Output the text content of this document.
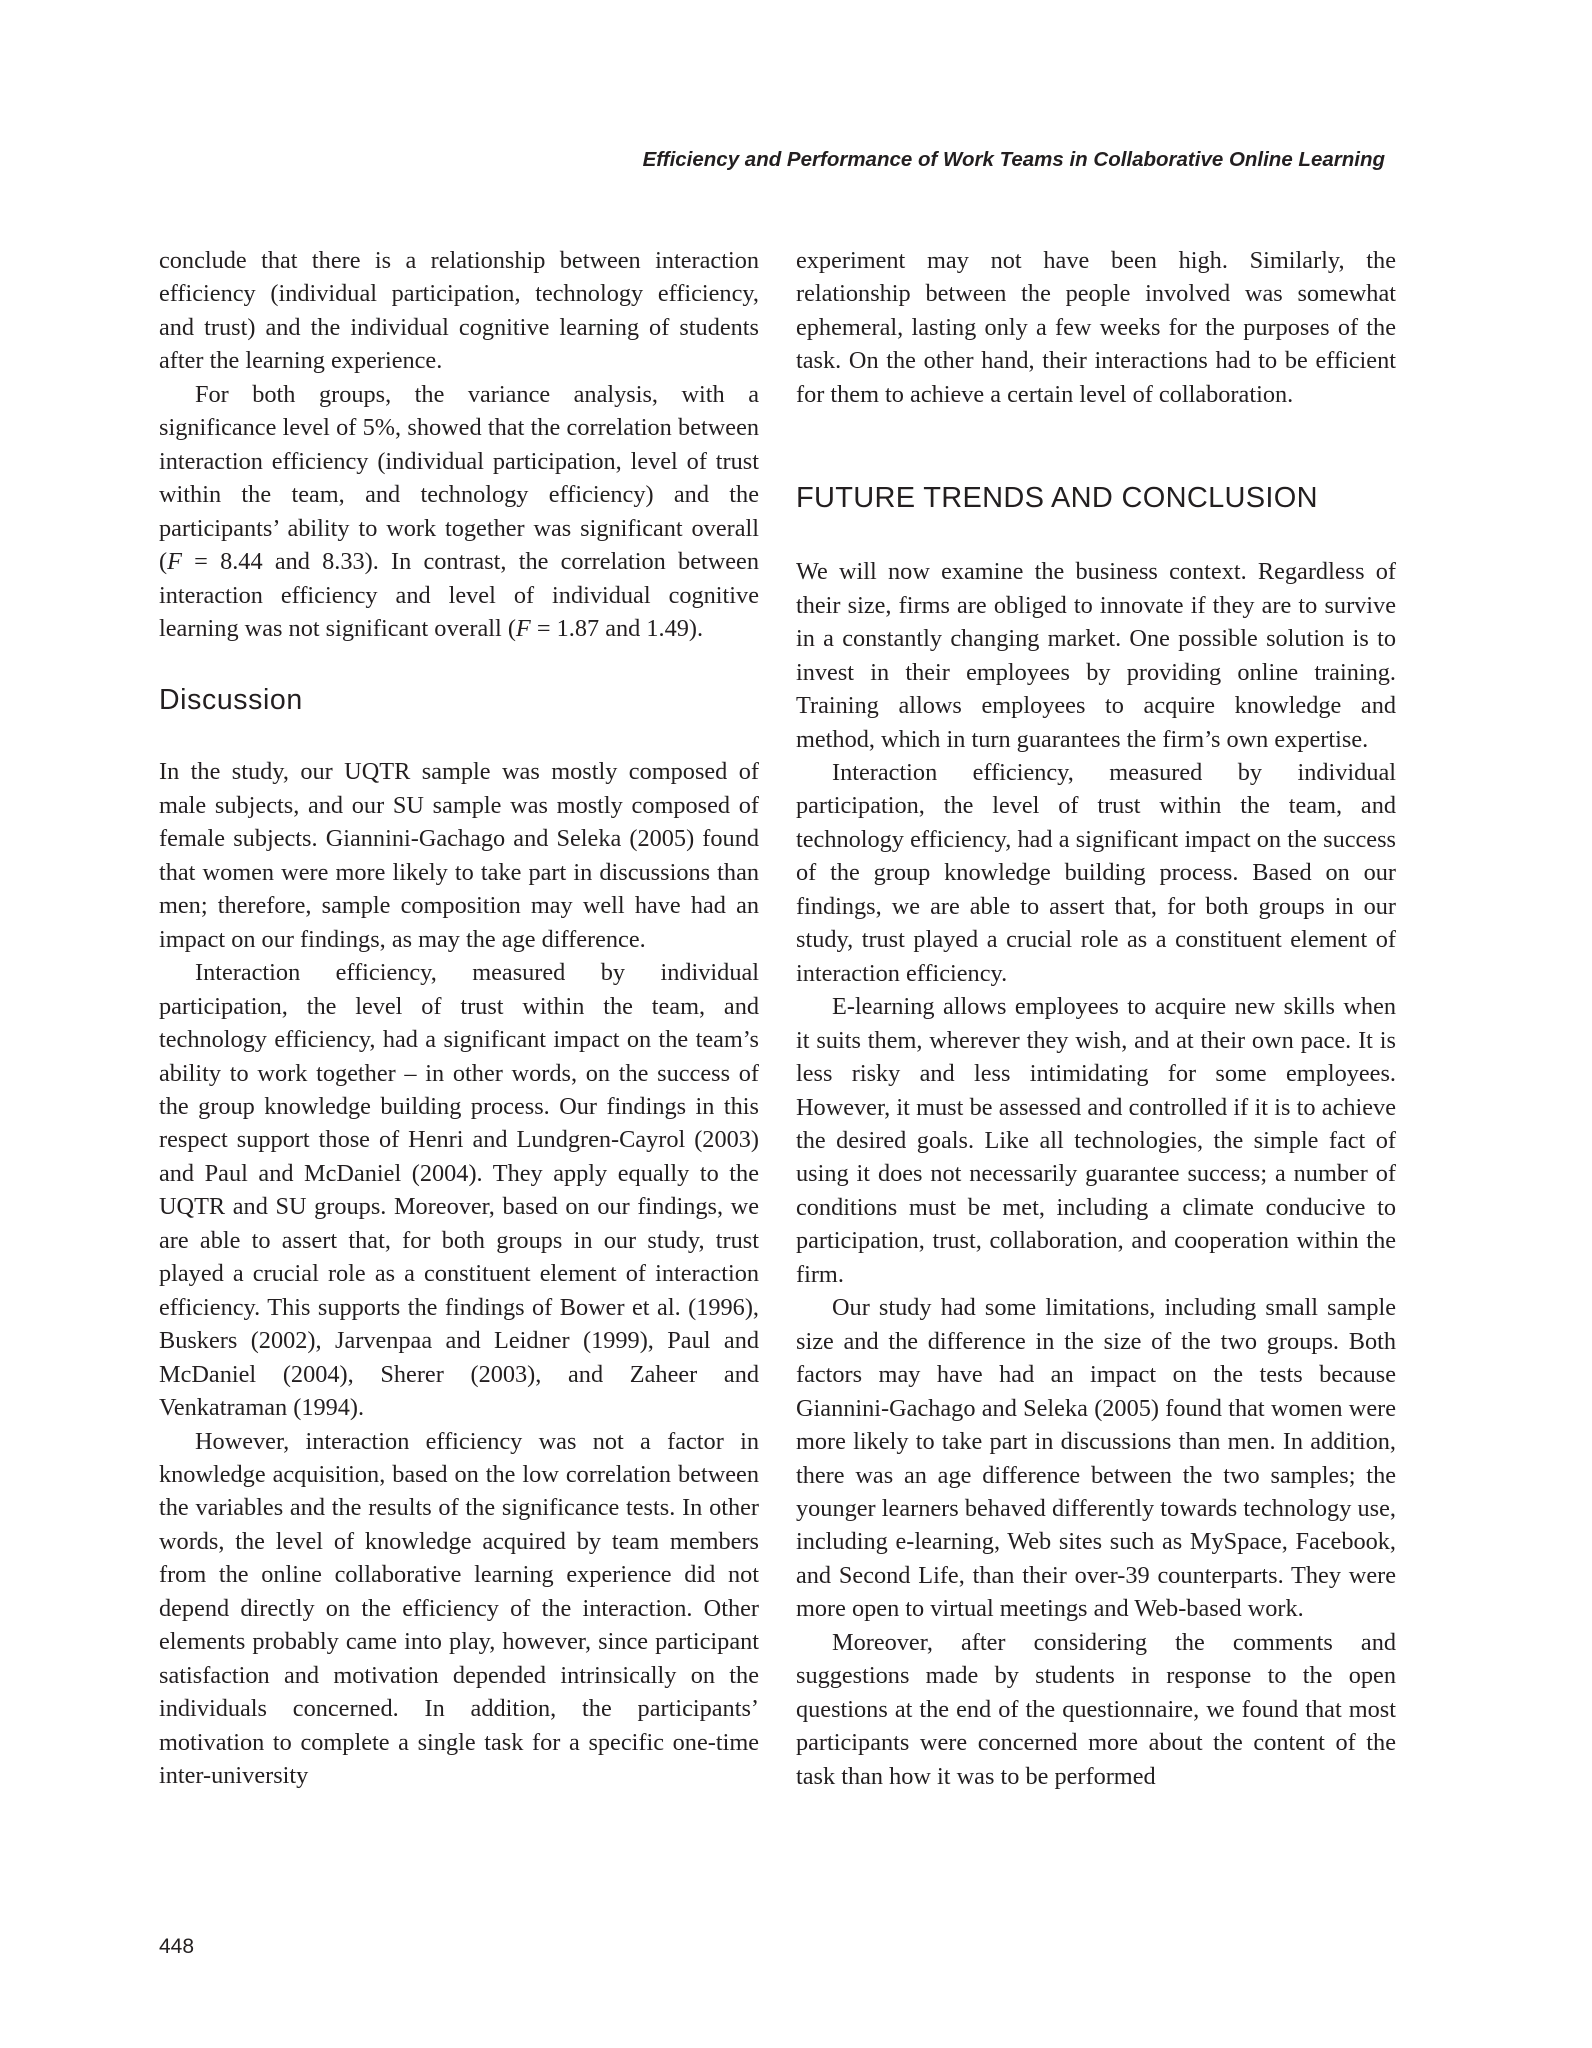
Efficiency and Performance of Work Teams in Collaborative Online Learning

conclude that there is a relationship between interaction efficiency (individual participation, technology efficiency, and trust) and the individual cognitive learning of students after the learning experience.

For both groups, the variance analysis, with a significance level of 5%, showed that the correlation between interaction efficiency (individual participation, level of trust within the team, and technology efficiency) and the participants’ ability to work together was significant overall (F = 8.44 and 8.33). In contrast, the correlation between interaction efficiency and level of individual cognitive learning was not significant overall (F = 1.87 and 1.49).

Discussion

In the study, our UQTR sample was mostly composed of male subjects, and our SU sample was mostly composed of female subjects. Giannini-Gachago and Seleka (2005) found that women were more likely to take part in discussions than men; therefore, sample composition may well have had an impact on our findings, as may the age difference.

Interaction efficiency, measured by individual participation, the level of trust within the team, and technology efficiency, had a significant impact on the team’s ability to work together – in other words, on the success of the group knowledge building process. Our findings in this respect support those of Henri and Lundgren-Cayrol (2003) and Paul and McDaniel (2004). They apply equally to the UQTR and SU groups. Moreover, based on our findings, we are able to assert that, for both groups in our study, trust played a crucial role as a constituent element of interaction efficiency. This supports the findings of Bower et al. (1996), Buskers (2002), Jarvenpaa and Leidner (1999), Paul and McDaniel (2004), Sherer (2003), and Zaheer and Venkatraman (1994).

However, interaction efficiency was not a factor in knowledge acquisition, based on the low correlation between the variables and the results of the significance tests. In other words, the level of knowledge acquired by team members from the online collaborative learning experience did not depend directly on the efficiency of the interaction. Other elements probably came into play, however, since participant satisfaction and motivation depended intrinsically on the individuals concerned. In addition, the participants’ motivation to complete a single task for a specific one-time inter-university

experiment may not have been high. Similarly, the relationship between the people involved was somewhat ephemeral, lasting only a few weeks for the purposes of the task. On the other hand, their interactions had to be efficient for them to achieve a certain level of collaboration.

FUTURE TRENDS AND CONCLUSION

We will now examine the business context. Regardless of their size, firms are obliged to innovate if they are to survive in a constantly changing market. One possible solution is to invest in their employees by providing online training. Training allows employees to acquire knowledge and method, which in turn guarantees the firm’s own expertise.

Interaction efficiency, measured by individual participation, the level of trust within the team, and technology efficiency, had a significant impact on the success of the group knowledge building process. Based on our findings, we are able to assert that, for both groups in our study, trust played a crucial role as a constituent element of interaction efficiency.

E-learning allows employees to acquire new skills when it suits them, wherever they wish, and at their own pace. It is less risky and less intimidating for some employees. However, it must be assessed and controlled if it is to achieve the desired goals. Like all technologies, the simple fact of using it does not necessarily guarantee success; a number of conditions must be met, including a climate conducive to participation, trust, collaboration, and cooperation within the firm.

Our study had some limitations, including small sample size and the difference in the size of the two groups. Both factors may have had an impact on the tests because Giannini-Gachago and Seleka (2005) found that women were more likely to take part in discussions than men. In addition, there was an age difference between the two samples; the younger learners behaved differently towards technology use, including e-learning, Web sites such as MySpace, Facebook, and Second Life, than their over-39 counterparts. They were more open to virtual meetings and Web-based work.

Moreover, after considering the comments and suggestions made by students in response to the open questions at the end of the questionnaire, we found that most participants were concerned more about the content of the task than how it was to be performed

448
